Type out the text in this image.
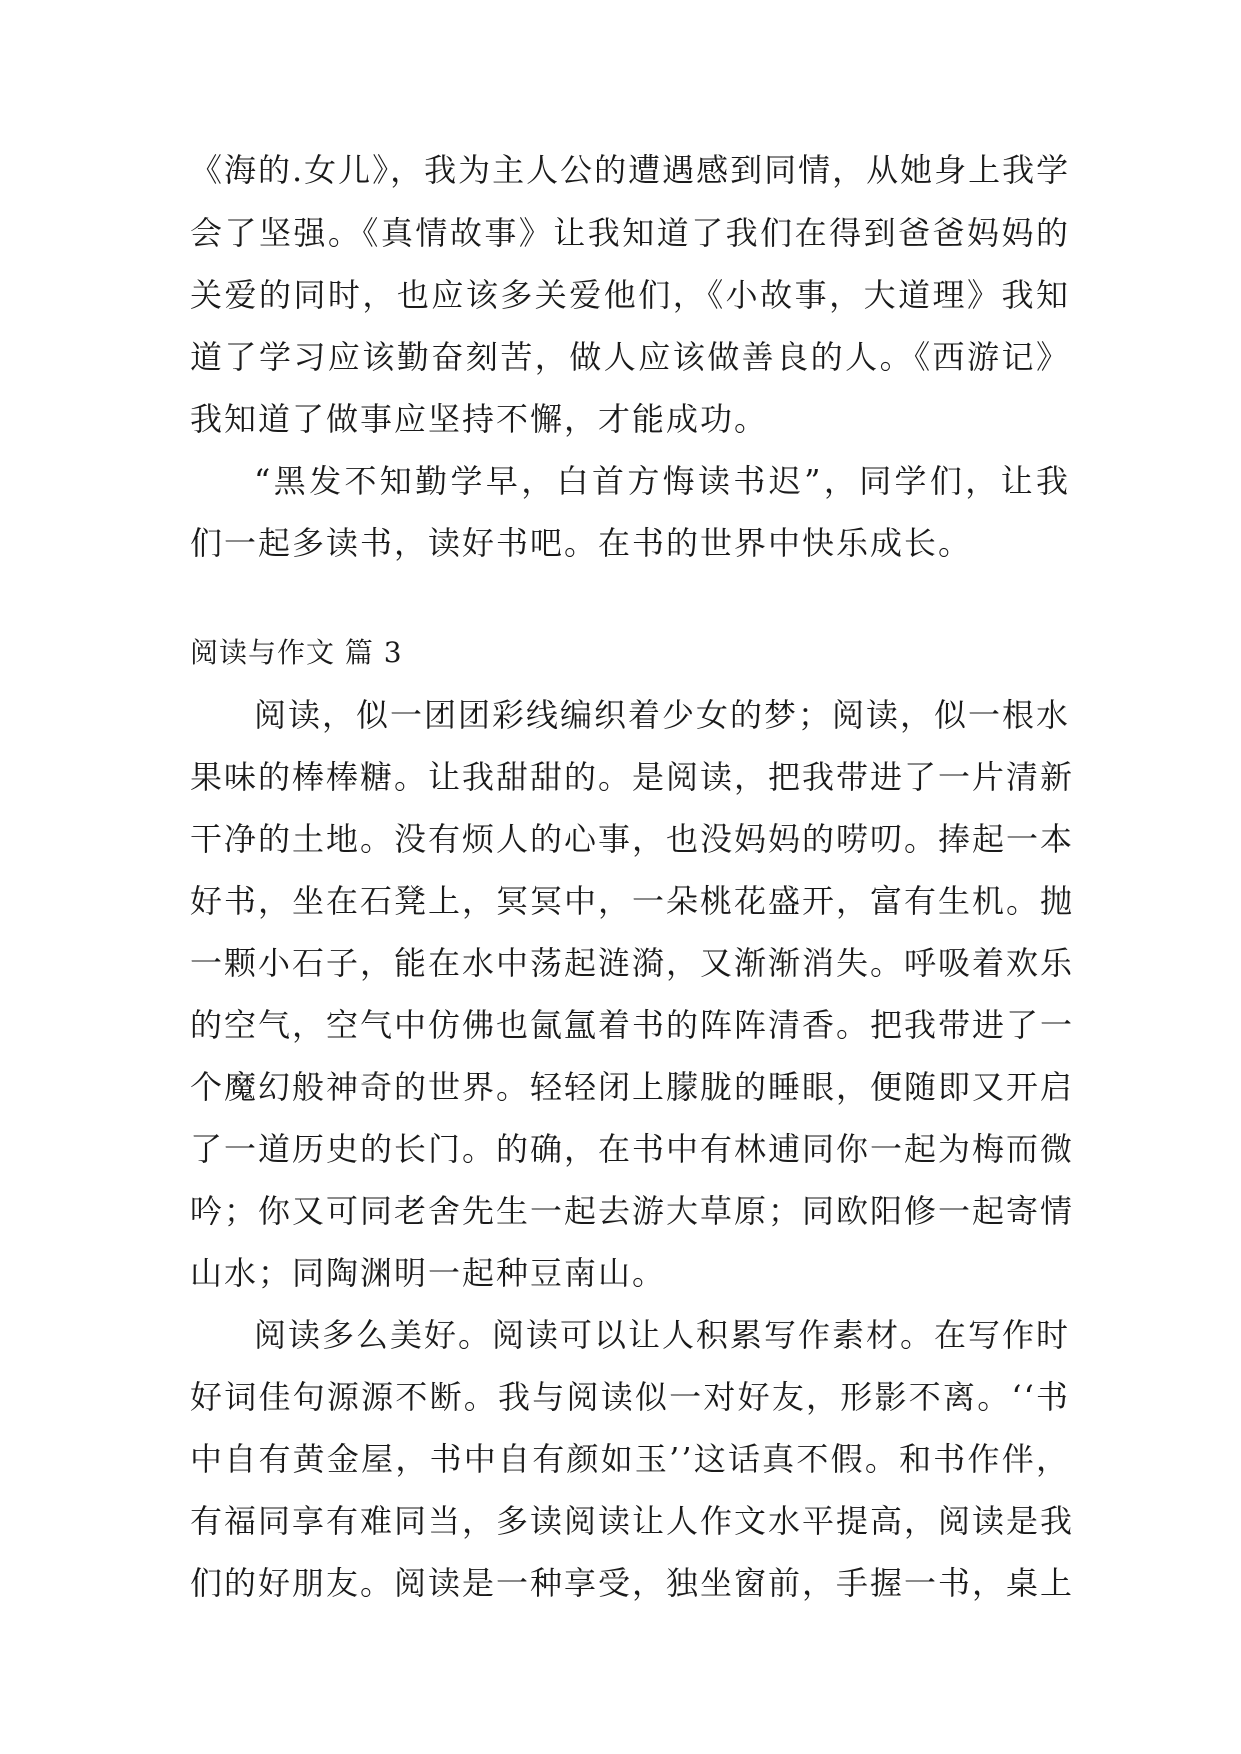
《海的.女儿》，我为主人公的遭遇感到同情，从她身上我学
会了坚强。《真情故事》让我知道了我们在得到爸爸妈妈的
关爱的同时，也应该多关爱他们，《小故事，大道理》我知
道了学习应该勤奋刻苦，做人应该做善良的人。《西游记》
我知道了做事应坚持不懈，才能成功。
“黑发不知勤学早，白首方悔读书迟”，同学们，让我
们一起多读书，读好书吧。在书的世界中快乐成长。
阅读与作文 篇 3
阅读，似一团团彩线编织着少女的梦；阅读，似一根水
果味的棒棒糖。让我甜甜的。是阅读，把我带进了一片清新
干净的土地。没有烦人的心事，也没妈妈的唠叨。捧起一本
好书，坐在石凳上，冥冥中，一朵桃花盛开，富有生机。抛
一颗小石子，能在水中荡起涟漪，又渐渐消失。呼吸着欢乐
的空气，空气中仿佛也氤氲着书的阵阵清香。把我带进了一
个魔幻般神奇的世界。轻轻闭上朦胧的睡眼，便随即又开启
了一道历史的长门。的确，在书中有林逋同你一起为梅而微
吟；你又可同老舍先生一起去游大草原；同欧阳修一起寄情
山水；同陶渊明一起种豆南山。
阅读多么美好。阅读可以让人积累写作素材。在写作时
好词佳句源源不断。我与阅读似一对好友，形影不离。‘‘书
中自有黄金屋，书中自有颜如玉’’这话真不假。和书作伴，
有福同享有难同当，多读阅读让人作文水平提高，阅读是我
们的好朋友。阅读是一种享受，独坐窗前，手握一书，桌上
